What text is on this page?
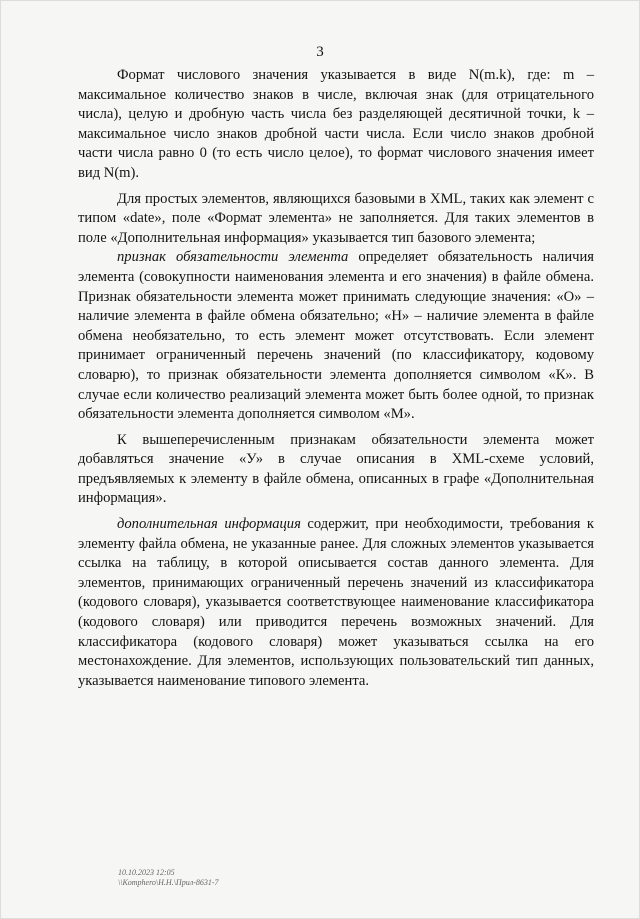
3

Формат числового значения указывается в виде N(m.k), где: m – максимальное количество знаков в числе, включая знак (для отрицательного числа), целую и дробную часть числа без разделяющей десятичной точки, k – максимальное число знаков дробной части числа. Если число знаков дробной части числа равно 0 (то есть число целое), то формат числового значения имеет вид N(m).

Для простых элементов, являющихся базовыми в XML, таких как элемент с типом «date», поле «Формат элемента» не заполняется. Для таких элементов в поле «Дополнительная информация» указывается тип базового элемента;

признак обязательности элемента определяет обязательность наличия элемента (совокупности наименования элемента и его значения) в файле обмена. Признак обязательности элемента может принимать следующие значения: «О» – наличие элемента в файле обмена обязательно; «Н» – наличие элемента в файле обмена необязательно, то есть элемент может отсутствовать. Если элемент принимает ограниченный перечень значений (по классификатору, кодовому словарю), то признак обязательности элемента дополняется символом «К». В случае если количество реализаций элемента может быть более одной, то признак обязательности элемента дополняется символом «М».

К вышеперечисленным признакам обязательности элемента может добавляться значение «У» в случае описания в XML-схеме условий, предъявляемых к элементу в файле обмена, описанных в графе «Дополнительная информация».

дополнительная информация содержит, при необходимости, требования к элементу файла обмена, не указанные ранее. Для сложных элементов указывается ссылка на таблицу, в которой описывается состав данного элемента. Для элементов, принимающих ограниченный перечень значений из классификатора (кодового словаря), указывается соответствующее наименование классификатора (кодового словаря) или приводится перечень возможных значений. Для классификатора (кодового словаря) может указываться ссылка на его местонахождение. Для элементов, использующих пользовательский тип данных, указывается наименование типового элемента.

10.10.2023 12:05
\\Komphero\Н.Н.\Прил-8631-7
